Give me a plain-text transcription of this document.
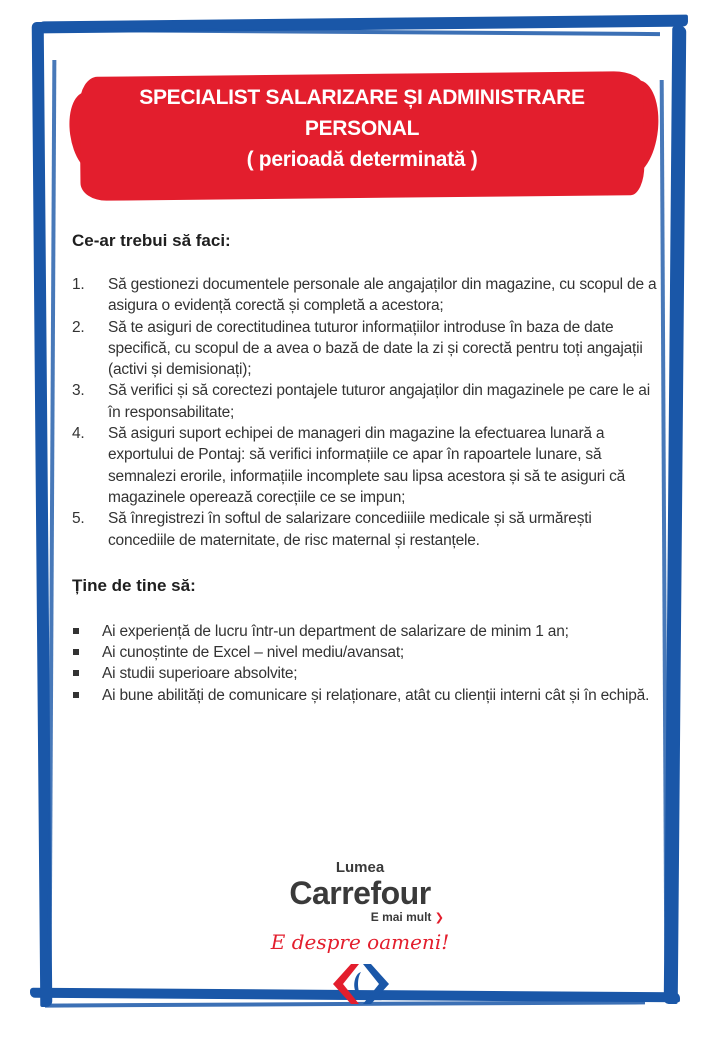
SPECIALIST SALARIZARE ȘI ADMINISTRARE
PERSONAL
( perioadă determinată )
Ce-ar trebui să faci:
1.	Să gestionezi documentele personale ale angajaților din magazine, cu scopul de a asigura o evidență corectă și completă a acestora;
2.	Să te asiguri de corectitudinea tuturor informațiilor introduse în baza de date specifică, cu scopul de a avea o bază de date la zi și corectă pentru toți angajații (activi și demisionați);
3.	Să verifici și să corectezi pontajele tuturor angajaților din magazinele pe care le ai în responsabilitate;
4.	Să asiguri suport echipei de manageri din magazine la efectuarea lunară a exportului de Pontaj: să verifici informațiile ce apar în rapoartele lunare, să semnalezi erorile, informațiile incomplete sau lipsa acestora și să te asiguri că magazinele operează corecțiile ce se impun;
5.	Să înregistrezi în softul de salarizare concediiile medicale și să urmărești concediile de maternitate, de risc maternal și restanțele.
Ține de tine să:
Ai experiență de lucru într-un department de salarizare de minim 1 an;
Ai cunoștinte de Excel – nivel mediu/avansat;
Ai studii superioare absolvite;
Ai bune abilități de comunicare și relaționare, atât cu clienții interni cât și în echipă.
Lumea
Carrefour
E mai mult ❯
E despre oameni!
